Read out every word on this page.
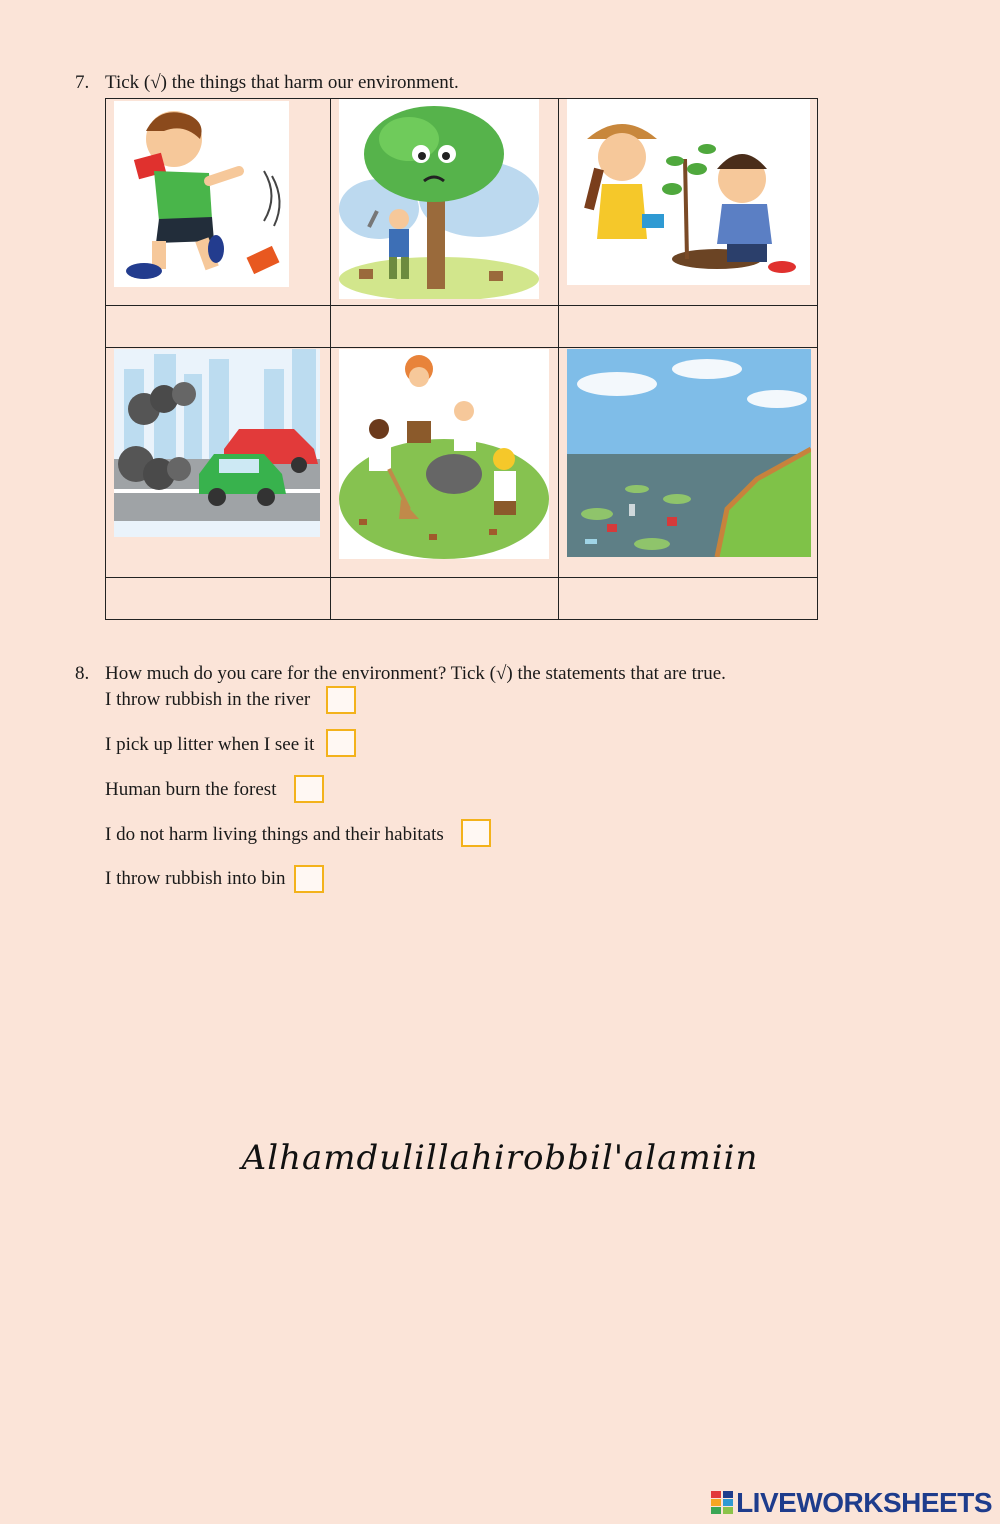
7. Tick (√) the things that harm our environment.
8. How much do you care for the environment? Tick (√) the statements that are true.
I throw rubbish in the river
I pick up litter when I see it
Human burn the forest
I do not harm living things and their habitats
I throw rubbish into bin
Alhamdulillahirobbil'alamiin
LIVEWORKSHEETS
